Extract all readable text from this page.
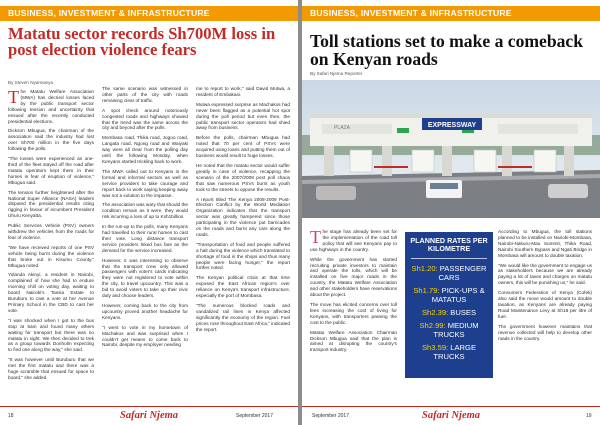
BUSINESS, INVESTMENT & INFRASTRUCTURE
Matatu sector records Sh700M loss in post election violence fears
By Steven Nyamweya
T he Matatu Welfare Association (MWA) has decried losses faced by the public transport sector following tension and uncertainty that ensued after the recently conducted presidential elections.

Dickson Mbugua, the chairman of the association said the industry had lost over Sh700 million in the five days following the polls.

"The losses were experienced as one-third of the fleet stayed off the road after matatu operators kept them in their homes in fear of eruption of violence," Mbugua said.

The tension further heightened after the National Super Alliance (NASA) leaders disputed the presidential results citing rigging in favour of incumbent President Uhuru Kenyatta.

Public Services Vehicle (PSV) owners withdrew the vehicles from the roads for fear of violence.

"We have received reports of one PSV vehicle being burnt during the violence that broke out in Kisumu County," Mbugua noted.

Yolanda Akinyi, a resident in Nairobi, complained of how she had to endure morning chill on voting day, waiting to board Nairobi's Tassia Estate to Buruburu to cast a vote at her Avenue Primary School in the CBD to cast her vote.

"I was shocked when I got to the bus stop at 5am and found many others waiting for transport but there was no matatu in sight. We then decided to trek as a group towards Donholm expecting to find one along the way," she said.

"It was however until Buruburu that we met the first matatu and there was a huge scramble that ensued for space to board," she added.

The same scenario was witnessed in other parts of the city with roads remaining clear of traffic.

A spot check around notoriously congested roads and highways showed that the trend was the same across the city and beyond after the polls.

Mombasa road, Thika road, Jogoo road, Langata road, Ngong road and Waiyaki way were all clear from the polling day until the following Monday, when Kenyans started trickling back to work.

The MWA called out to Kenyans in the formal and informal sectors as well as service providers to take courage and report back to work saying keeping away was not a solution to the impasse.

The association was wary that should the condition remain as it were, they would risk incurring a loss of up to Ksh1billion.

In the run-up to the polls, many Kenyans had travelled to their rural homes to cast their vote. Long distance transport service providers hiked bus fare as the demand for the service increased.

However, it was interesting to observe that the transport crew only allowed passengers with voter's cards indicating they were not registered to vote within the city, to travel upcountry. This was a bid to avoid voters to take up their civic duty and choose leaders.

However, coming back to the city from upcountry proved another headache for Kenyans.

"I went to vote in my hometown of Machakos and was surprised when I couldn't get means to come back to Nairobi, despite my employer needing

me to report to work," said David Mutwa, a resident of Embakasi.

Mutwa expressed surprise as Machakos had never been flagged as a potential hot spot during the poll period but even then, the public transport sector operators had shied away from business.

Before the polls, chairman Mbugua had noted that 70 per cent of PSVs were acquired using loans and putting them out of business would result to huge losses.

He noted that the matatu sector would suffer greatly in case of violence, recapping the scenario of the 2007/2008 post poll chaos that saw numerous PSVs burnt as youth took to the streets to oppose the results.

A report titled The Kenya 2008-2009 Post-Election Conflict by the World Mediation Organization indicates that the transport sector was greatly hampered since those participating in the violence put barricades on the roads and burnt any cars along the roads.

"Transportation of food and people suffered a halt during the violence which translated to shortage of food in the shops and thus many people were facing hunger," the report further noted.

The Kenyan political crisis at that time exposed the East African region's over reliance on Kenya's transport infrastructure, especially the port of Mombasa.

"The numerous blocked roads and vandalized rail lines in Kenya affected significantly the economy of the region. Fuel prices rose throughout East Africa," indicated the report.

18	Safari Njema	September 2017
BUSINESS, INVESTMENT & INFRASTRUCTURE
Toll stations set to make a comeback on Kenyan roads
By Safari Njema Reporter
EXPRESSWAY
PLAZA
T he stage has already been set for the implementation of the road toll policy that will see Kenyans pay to use highways in the country.

While the government has started recruiting private investors to maintain and operate the tolls, which will be installed on five major roads in the country, the Matatu Welfare Association and other stakeholders have reservations about the project.

The move has elicited concerns over toll fees increasing the cost of living for Kenyans, with transporters passing the cost to the public.

Matatu Welfare Association Chairman Dickson Mbugua said that the plan is aimed at disrupting the country's transport industry.

PLANNED RATES PER KILOMETRE
Sh1.20: PASSENGER CARS
Sh1.79: PICK-UPS & MATATUS
Sh2.39: BUSES
Sh2.99: MEDIUM TRUCKS
Sh3.59: LARGE TRUCKS

According to Mbugua, the toll stations planned to be installed on Nairobi-Mombasa, Nairobi-Nakuru-Mau Summit, Thika Road, Nairobi Southern Bypass and Ngati Bridge in Mombasa will amount to double taxation.

"We would like the government to engage us as stakeholders because we are already paying a lot of taxes and charges on matatu owners, this will be punishing us," he said.

Consumers Federation of Kenya (Cofek) also said the move would amount to double taxation, as Kenyans are already paying Road Maintenance Levy at Sh18 per litre of fuel.

The government however maintains that revenue collected will help to develop other roads in the country.

September 2017	Safari Njema	19
